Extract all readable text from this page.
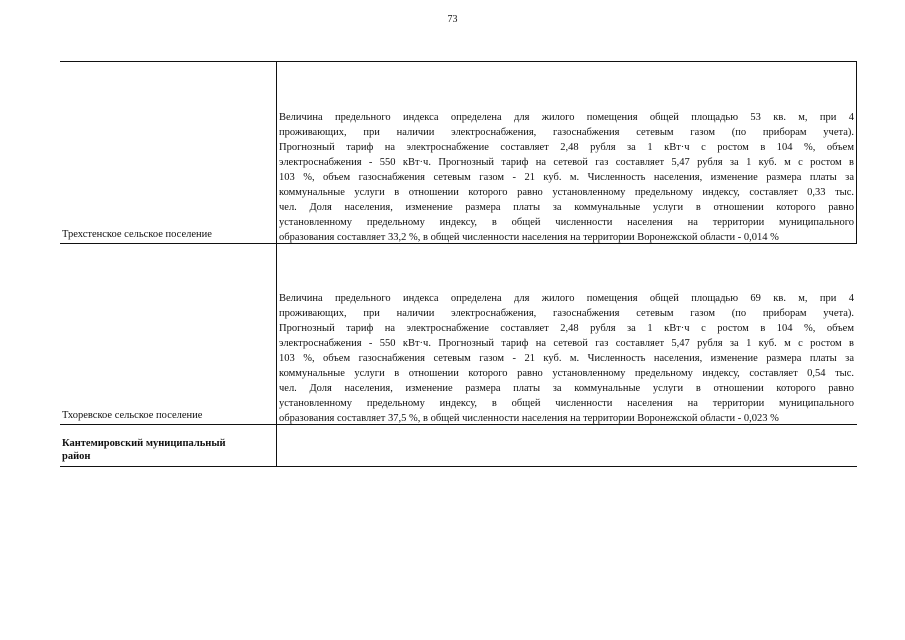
73
Трехстенское сельское поселение
Величина предельного индекса определена для жилого помещения общей площадью 53 кв. м, при 4
проживающих, при наличии электроснабжения, газоснабжения сетевым газом (по приборам учета).
Прогнозный тариф на электроснабжение составляет 2,48 рубля за 1 кВт·ч с ростом в 104 %, объем
электроснабжения - 550 кВт·ч. Прогнозный тариф на сетевой газ составляет 5,47 рубля за 1 куб. м с ростом в
103 %, объем газоснабжения сетевым газом - 21 куб. м. Численность населения, изменение размера платы за
коммунальные услуги в отношении которого равно установленному предельному индексу, составляет 0,33 тыс.
чел. Доля населения, изменение размера платы за коммунальные услуги в отношении которого равно
установленному предельному индексу, в общей численности населения на территории муниципального
образования составляет 33,2 %, в общей численности населения на территории Воронежской области - 0,014 %
Тхоревское сельское поселение
Величина предельного индекса определена для жилого помещения общей площадью 69 кв. м, при 4
проживающих, при наличии электроснабжения, газоснабжения сетевым газом (по приборам учета).
Прогнозный тариф на электроснабжение составляет 2,48 рубля за 1 кВт·ч с ростом в 104 %, объем
электроснабжения - 550 кВт·ч. Прогнозный тариф на сетевой газ составляет 5,47 рубля за 1 куб. м с ростом в
103 %, объем газоснабжения сетевым газом - 21 куб. м. Численность населения, изменение размера платы за
коммунальные услуги в отношении которого равно установленному предельному индексу, составляет 0,54 тыс.
чел. Доля населения, изменение размера платы за коммунальные услуги в отношении которого равно
установленному предельному индексу, в общей численности населения на территории муниципального
образования составляет 37,5 %, в общей численности населения на территории Воронежской области - 0,023 %
Кантемировский муниципальный
район
